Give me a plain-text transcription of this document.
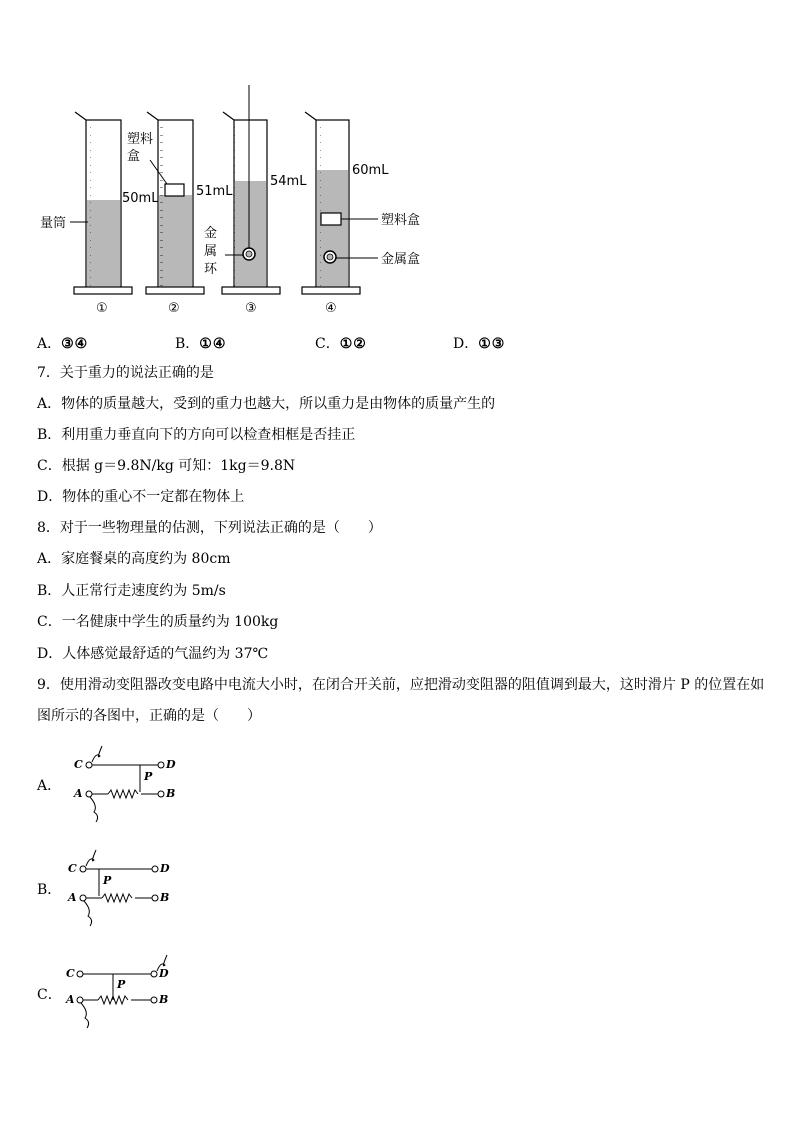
量筒
塑料
盒
50mL	51mL
54mL
金
属
环
60mL
塑料盒
金属盒
①	②	③	④
A．③④	B．①④	C．①②	D．①③
7．关于重力的说法正确的是
A．物体的质量越大，受到的重力也越大，所以重力是由物体的质量产生的
B．利用重力垂直向下的方向可以检查相框是否挂正
C．根据 g＝9.8N/kg 可知：1kg＝9.8N
D．物体的重心不一定都在物体上
8．对于一些物理量的估测，下列说法正确的是（　　）
A．家庭餐桌的高度约为 80cm
B．人正常行走速度约为 5m/s
C．一名健康中学生的质量约为 100kg
D．人体感觉最舒适的气温约为 37℃
9．使用滑动变阻器改变电路中电流大小时，在闭合开关前，应把滑动变阻器的阻值调到最大，这时滑片 P 的位置在如
图所示的各图中，正确的是（　　）
A．
B．
C．
C	D
P
A	B
C	D
P
A	B
C	D
P
A	B
